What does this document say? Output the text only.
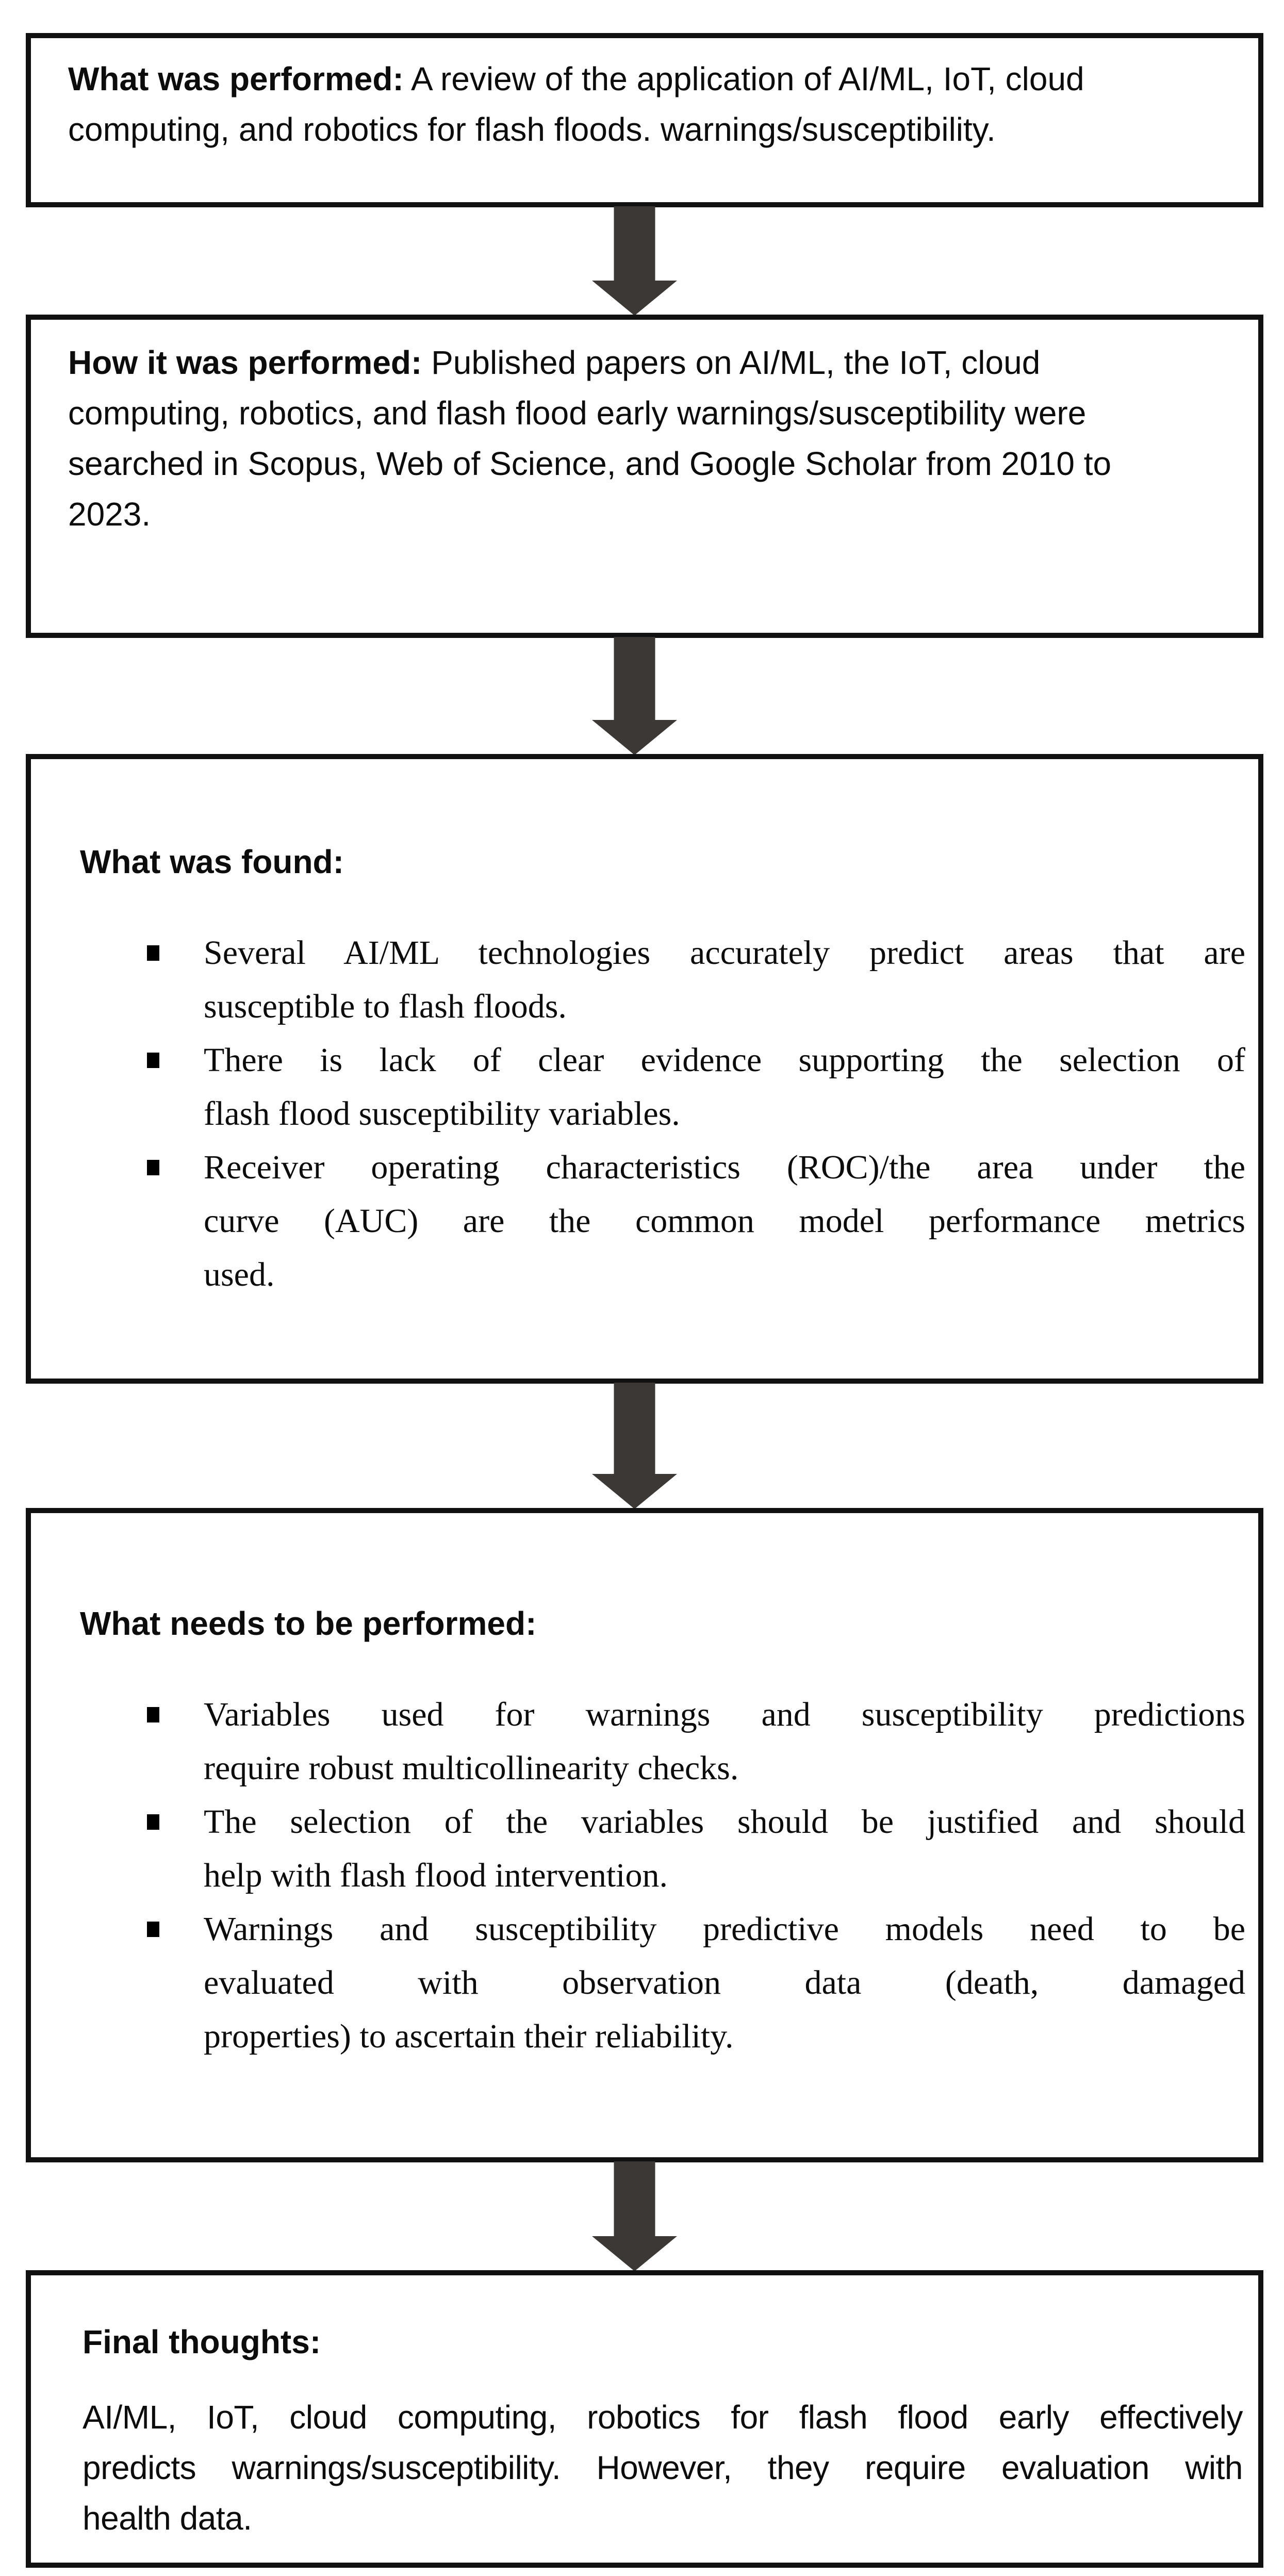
What was performed: A review of the application of AI/ML, IoT, cloud
computing, and robotics for flash floods. warnings/susceptibility.
How it was performed: Published papers on AI/ML, the IoT, cloud
computing, robotics, and flash flood early warnings/susceptibility were
searched in Scopus, Web of Science, and Google Scholar from 2010 to
2023.
What was found:
Several AI/ML technologies accurately predict areas that are
susceptible to flash floods.
There is lack of clear evidence supporting the selection of
flash flood susceptibility variables.
Receiver operating characteristics (ROC)/the area under the
curve (AUC) are the common model performance metrics
used.
What needs to be performed:
Variables used for warnings and susceptibility predictions
require robust multicollinearity checks.
The selection of the variables should be justified and should
help with flash flood intervention.
Warnings and susceptibility predictive models need to be
evaluated with observation data (death, damaged
properties) to ascertain their reliability.
Final thoughts:
AI/ML, IoT, cloud computing, robotics for flash flood early effectively
predicts warnings/susceptibility. However, they require evaluation with
health data.
